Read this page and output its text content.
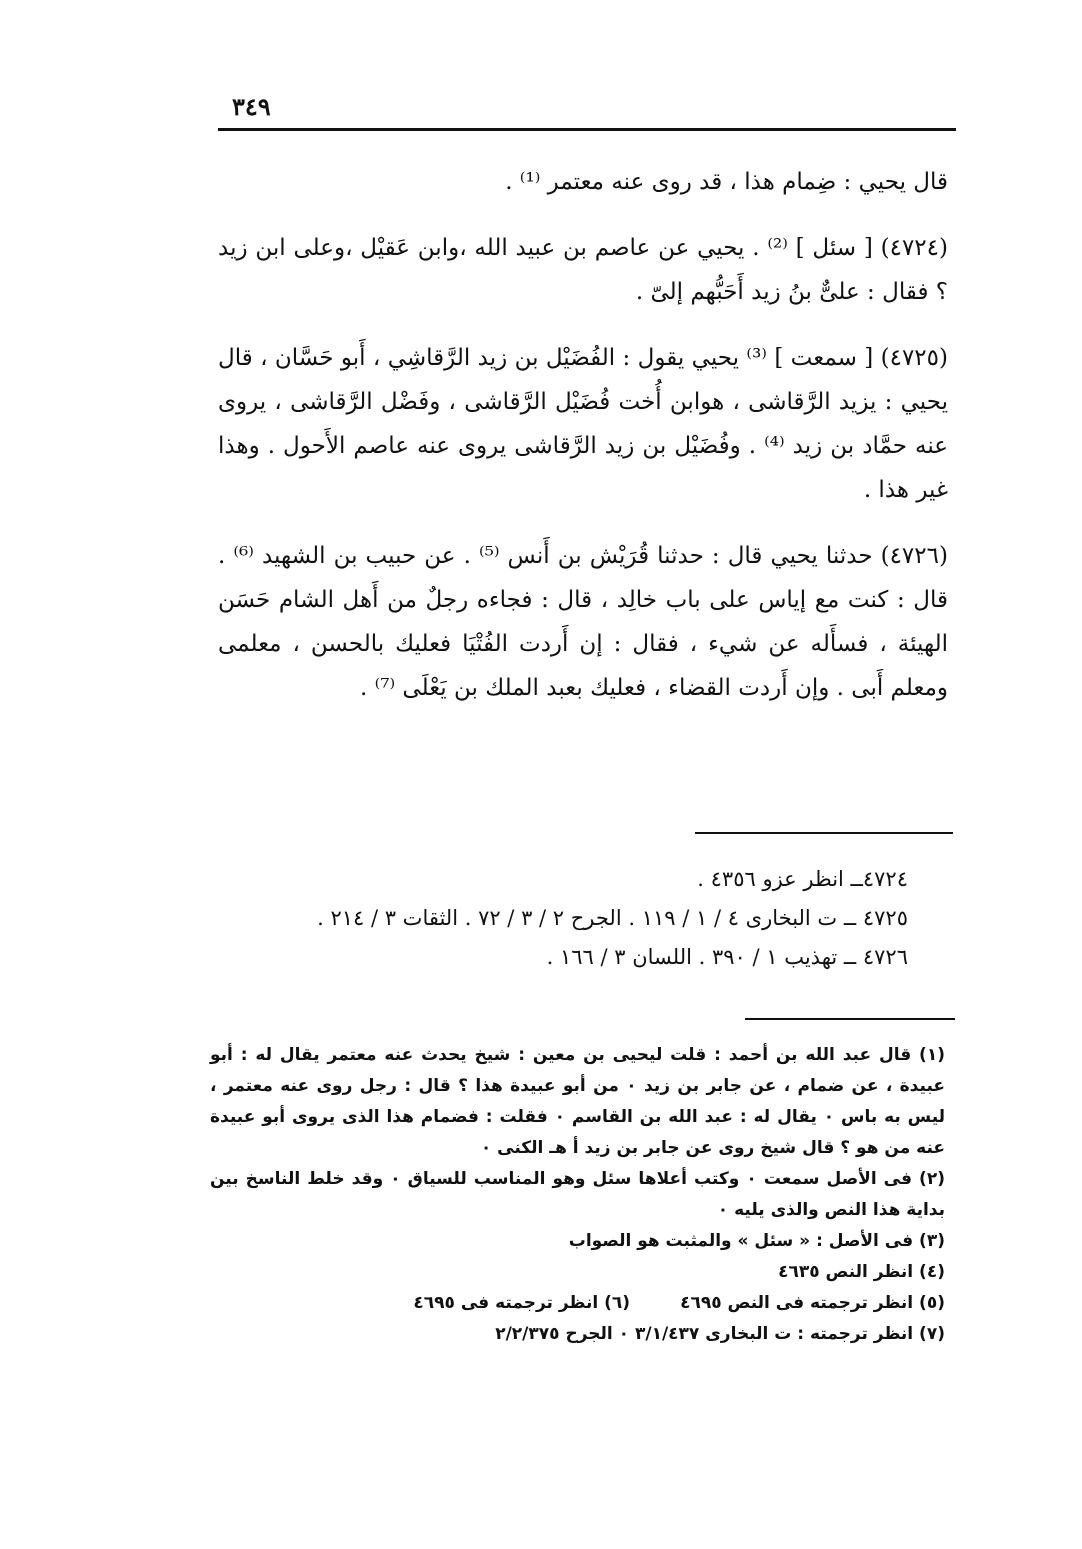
٣٤٩

قال يحيي : ضِمام هذا ، قد روى عنه معتمر ⁽¹⁾ .

(٤٧٢٤) [ سئل ] ⁽²⁾ . يحيي عن عاصم بن عبيد الله ،وابن عَقيْل ،وعلى ابن زيد ؟ فقال : علىٌّ بنُ زيد أَحَبُّهم إلىّ .

(٤٧٢٥) [ سمعت ] ⁽³⁾ يحيي يقول : الفُضَيْل بن زيد الرَّقاشِي ، أَبو حَسَّان ، قال يحيي : يزيد الرَّقاشى ، هوابن أُخت فُضَيْل الرَّقاشى ، وفَضْل الرَّقاشى ، يروى عنه حمَّاد بن زيد ⁽⁴⁾ . وفُضَيْل بن زيد الرَّقاشى يروى عنه عاصم الأَحول . وهذا غير هذا .

(٤٧٢٦) حدثنا يحيي قال : حدثنا قُرَيْش بن أَنس ⁽⁵⁾ . عن حبيب بن الشهيد ⁽⁶⁾ . قال : كنت مع إياس على باب خالِد ، قال : فجاءه رجلٌ من أَهل الشام حَسَن الهيئة ، فسأَله عن شيء ، فقال : إن أَردت الفُتْيَا فعليك بالحسن ، معلمى ومعلم أَبى . وإن أَردت القضاء ، فعليك بعبد الملك بن يَعْلَى ⁽⁷⁾ .

٤٧٢٤ــ انظر عزو ٤٣٥٦ .
٤٧٢٥ ــ ت البخارى ٤ / ١ / ١١٩ . الجرح ٢ / ٣ / ٧٢ . الثقات ٣ / ٢١٤ .
٤٧٢٦ ــ تهذيب ١ / ٣٩٠ . اللسان ٣ / ١٦٦ .

(١) قال عبد الله بن أحمد : قلت ليحيى بن معين : شيخ يحدث عنه معتمر يقال له : أبو عبيدة ، عن ضمام ، عن جابر بن زيد ٠ من أبو عبيدة هذا ؟ قال : رجل روى عنه معتمر ، ليس به باس ٠ يقال له : عبد الله بن القاسم ٠ فقلت : فضمام هذا الذى يروى أبو عبيدة عنه من هو ؟ قال شيخ روى عن جابر بن زيد أ هـ الكنى ٠

(٢) فى الأصل سمعت ٠ وكتب أعلاها سئل وهو المناسب للسياق ٠ وقد خلط الناسخ بين بداية هذا النص والذى يليه ٠

(٣) فى الأصل : « سئل » والمثبت هو الصواب

(٤) انظر النص ٤٦٣٥

(٥) انظر ترجمته فى النص ٤٦٩٥

(٦) انظر ترجمته فى ٤٦٩٥

(٧) انظر ترجمته : ت البخارى ٣/١/٤٣٧ ٠ الجرح ٢/٢/٣٧٥
